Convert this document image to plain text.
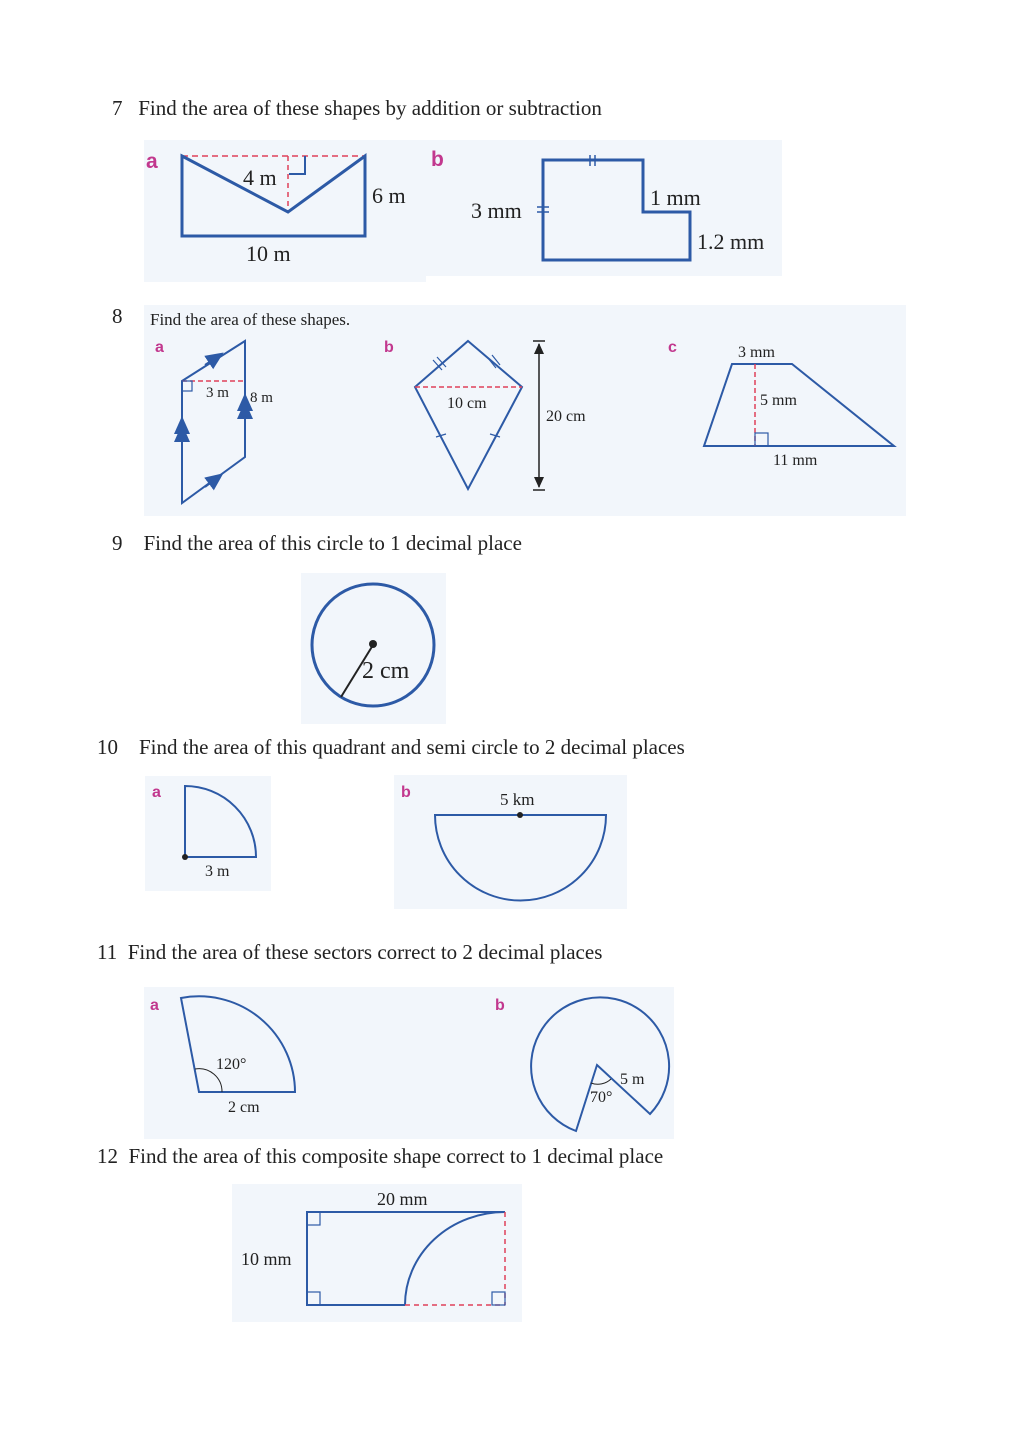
7 Find the area of these shapes by addition or subtraction
8
9 Find the area of this circle to 1 decimal place
10 Find the area of this quadrant and semi circle to 2 decimal places
11 Find the area of these sectors correct to 2 decimal places
12 Find the area of this composite shape correct to 1 decimal place
a
4 m
6 m
10 m
b
3 mm
1 mm
1.2 mm
Find the area of these shapes.
a
3 m 8 m
b
10 cm
20 cm
c	3 mm
5 mm
11 mm
2 cm
a
3 m
b	5 km
a
120°
2 cm
b
5 m
70°
20 mm
10 mm
